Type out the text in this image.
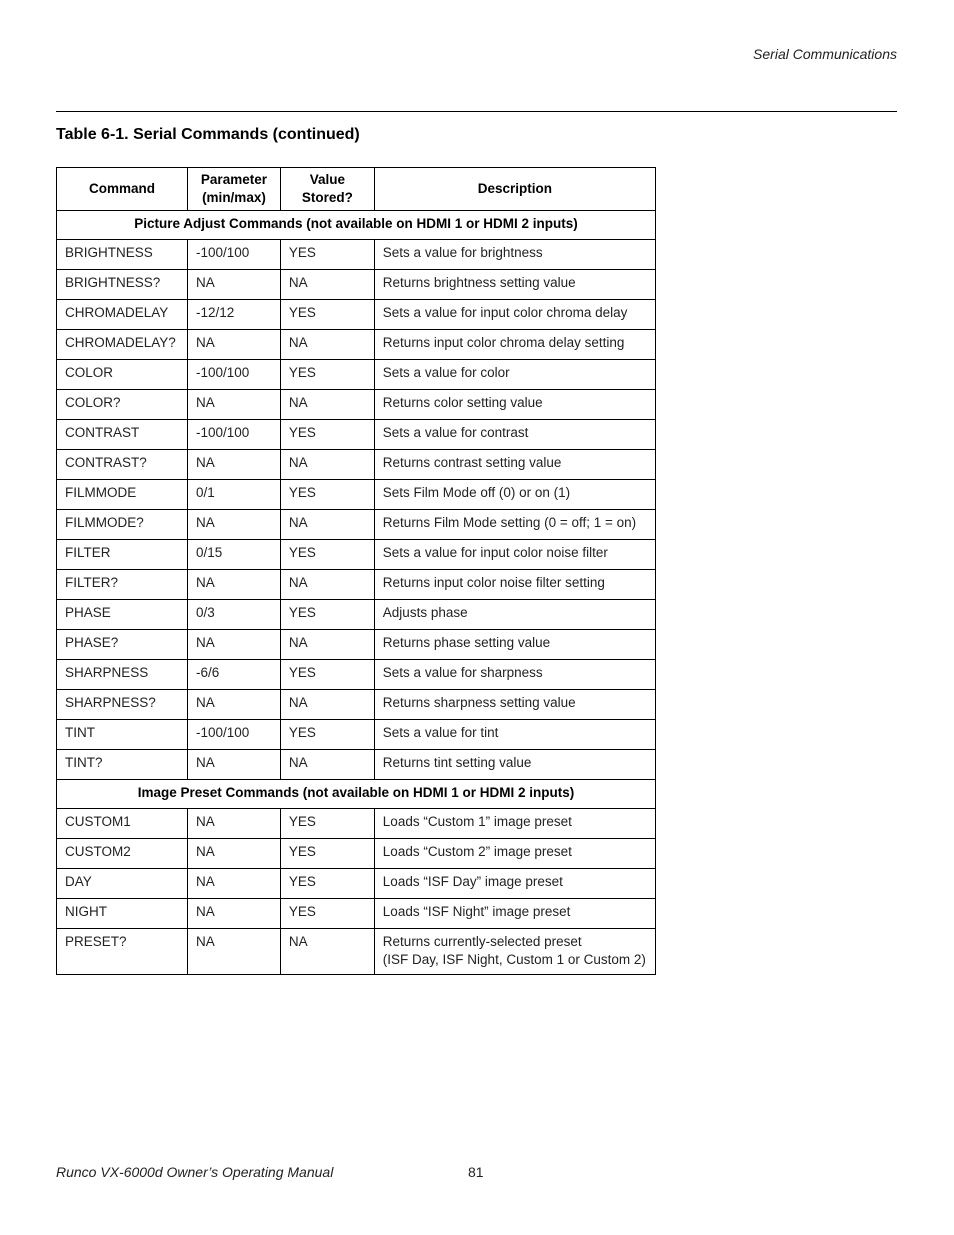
Serial Communications
Table 6-1. Serial Commands (continued)
Command	Parameter (min/max)	Value Stored?	Description
Picture Adjust Commands (not available on HDMI 1 or HDMI 2 inputs)			
BRIGHTNESS	-100/100	YES	Sets a value for brightness
BRIGHTNESS?	NA	NA	Returns brightness setting value
CHROMADELAY	-12/12	YES	Sets a value for input color chroma delay
CHROMADELAY?	NA	NA	Returns input color chroma delay setting
COLOR	-100/100	YES	Sets a value for color
COLOR?	NA	NA	Returns color setting value
CONTRAST	-100/100	YES	Sets a value for contrast
CONTRAST?	NA	NA	Returns contrast setting value
FILMMODE	0/1	YES	Sets Film Mode off (0) or on (1)
FILMMODE?	NA	NA	Returns Film Mode setting (0 = off; 1 = on)
FILTER	0/15	YES	Sets a value for input color noise filter
FILTER?	NA	NA	Returns input color noise filter setting
PHASE	0/3	YES	Adjusts phase
PHASE?	NA	NA	Returns phase setting value
SHARPNESS	-6/6	YES	Sets a value for sharpness
SHARPNESS?	NA	NA	Returns sharpness setting value
TINT	-100/100	YES	Sets a value for tint
TINT?	NA	NA	Returns tint setting value
Image Preset Commands (not available on HDMI 1 or HDMI 2 inputs)			
CUSTOM1	NA	YES	Loads “Custom 1” image preset
CUSTOM2	NA	YES	Loads “Custom 2” image preset
DAY	NA	YES	Loads “ISF Day” image preset
NIGHT	NA	YES	Loads “ISF Night” image preset
PRESET?	NA	NA	Returns currently-selected preset
(ISF Day, ISF Night, Custom 1 or Custom 2)
Runco VX-6000d Owner’s Operating Manual	81
